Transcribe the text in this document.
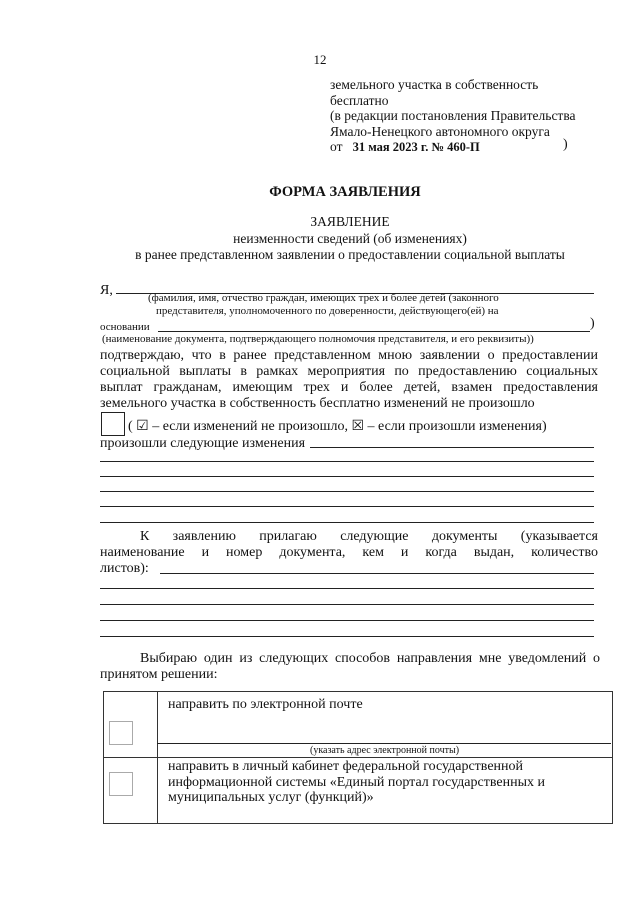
12
земельного участка в собственность
бесплатно
(в редакции постановления Правительства
Ямало-Ненецкого автономного округа
от 31 мая 2023 г. № 460-П	)
ФОРМА ЗАЯВЛЕНИЯ
ЗАЯВЛЕНИЕ
неизменности сведений (об изменениях)
в ранее представленном заявлении о предоставлении социальной выплаты
Я,	(фамилия, имя, отчество граждан, имеющих трех и более детей (законного
представителя, уполномоченного по доверенности, действующего(ей) на
основании	)
(наименование документа, подтверждающего полномочия представителя, и его реквизиты))
подтверждаю, что в ранее представленном мною заявлении о предоставлении
социальной выплаты в рамках мероприятия по предоставлению социальных
выплат гражданам, имеющим трех и более детей, взамен предоставления
земельного участка в собственность бесплатно изменений не произошло
( ☑ – если изменений не произошло, ☒ – если произошли изменения)
произошли следующие изменения
К заявлению прилагаю следующие документы (указывается
наименование и номер документа, кем и когда выдан, количество
листов):
Выбираю один из следующих способов направления мне уведомлений о
принятом решении:
направить по электронной почте
(указать адрес электронной почты)
направить в личный кабинет федеральной государственной информационной системы «Единый портал государственных и муниципальных услуг (функций)»
